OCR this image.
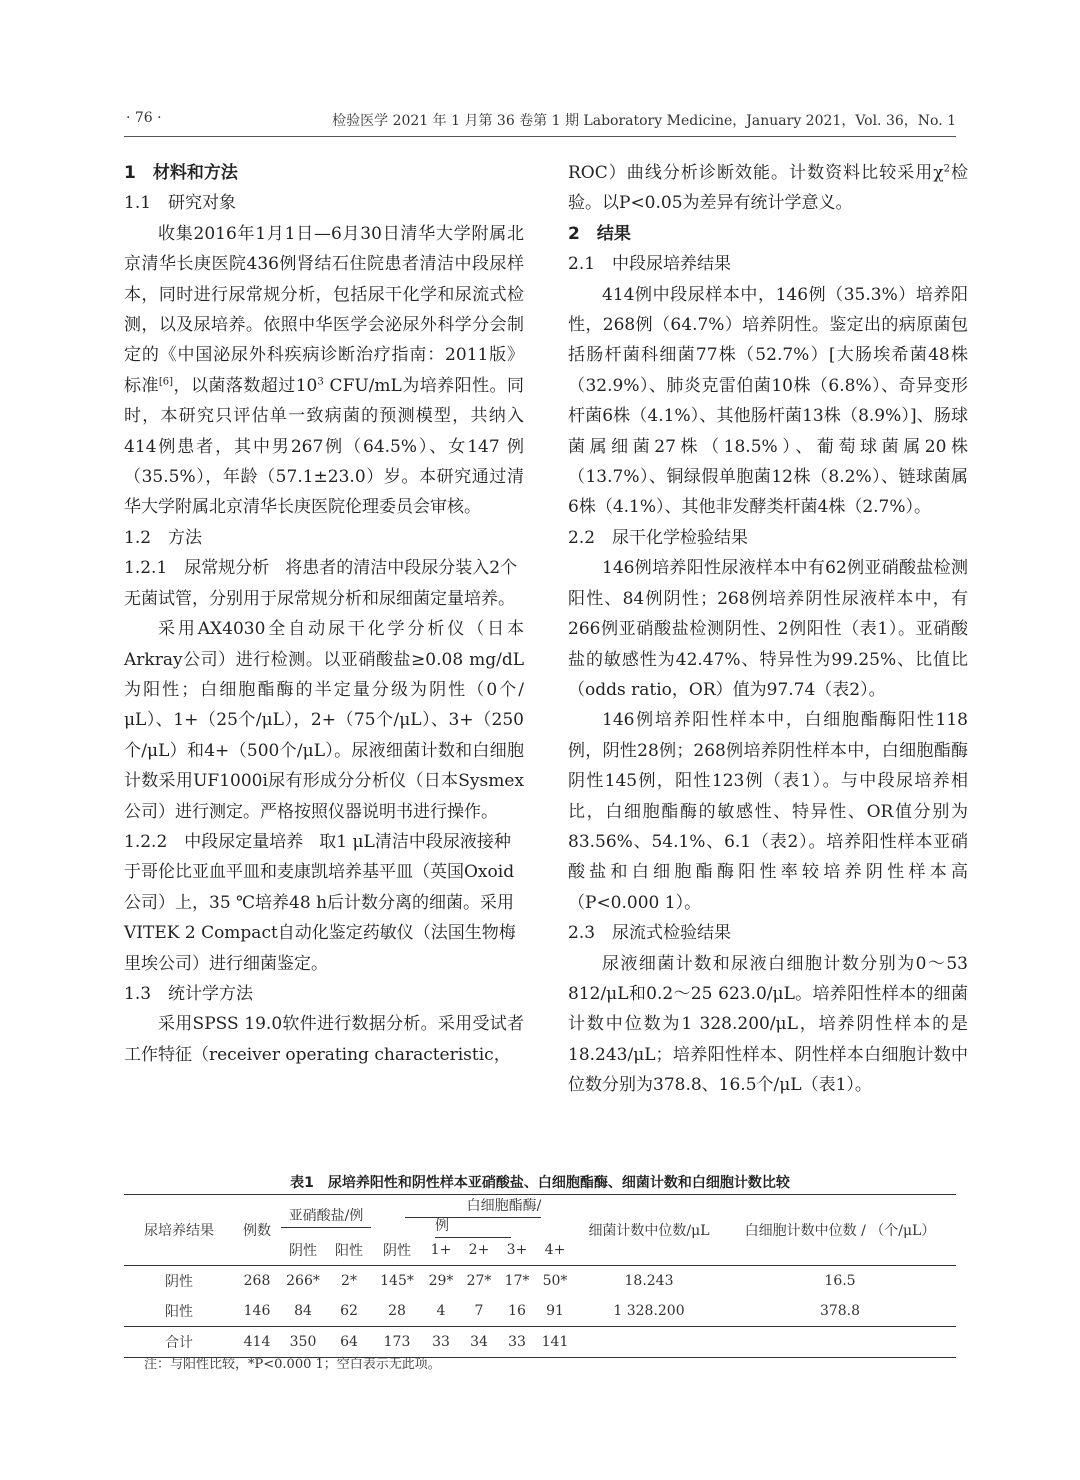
· 76 ·	检验医学 2021 年 1 月第 36 卷第 1 期 Laboratory Medicine，January 2021，Vol. 36，No. 1

1　材料和方法

1.1　研究对象

收集2016年1月1日—6月30日清华大学附属北京清华长庚医院436例肾结石住院患者清洁中段尿样本，同时进行尿常规分析，包括尿干化学和尿流式检测，以及尿培养。依照中华医学会泌尿外科学分会制定的《中国泌尿外科疾病诊断治疗指南：2011版》标准[6]，以菌落数超过$10^3$ CFU/mL为培养阳性。同时，本研究只评估单一致病菌的预测模型，共纳入414例患者，其中男267例（64.5%）、女147 例（35.5%），年龄（57.1±23.0）岁。本研究通过清华大学附属北京清华长庚医院伦理委员会审核。

1.2　方法

1.2.1　尿常规分析 将患者的清洁中段尿分装入2个无菌试管，分别用于尿常规分析和尿细菌定量培养。

采用AX4030全自动尿干化学分析仪（日本Arkray公司）进行检测。以亚硝酸盐≥0.08 mg/dL为阳性；白细胞酯酶的半定量分级为阴性（0个/μL）、1+（25个/μL），2+（75个/μL）、3+（250个/μL）和4+（500个/μL）。尿液细菌计数和白细胞计数采用UF1000i尿有形成分分析仪（日本Sysmex公司）进行测定。严格按照仪器说明书进行操作。

1.2.2　中段尿定量培养 取1 μL清洁中段尿液接种于哥伦比亚血平皿和麦康凯培养基平皿（英国Oxoid公司）上，35 ℃培养48 h后计数分离的细菌。采用VITEK 2 Compact自动化鉴定药敏仪（法国生物梅里埃公司）进行细菌鉴定。

1.3　统计学方法

采用SPSS 19.0软件进行数据分析。采用受试者工作特征（receiver operating characteristic，

ROC）曲线分析诊断效能。计数资料比较采用$\chi^2$检验。以P<0.05为差异有统计学意义。

2　结果

2.1　中段尿培养结果

414例中段尿样本中，146例（35.3%）培养阳性，268例（64.7%）培养阴性。鉴定出的病原菌包括肠杆菌科细菌77株（52.7%）[大肠埃希菌48株（32.9%）、肺炎克雷伯菌10株（6.8%）、奇异变形杆菌6株（4.1%）、其他肠杆菌13株（8.9%）]、肠球菌属细菌27株（18.5%）、葡萄球菌属20株（13.7%）、铜绿假单胞菌12株（8.2%）、链球菌属6株（4.1%）、其他非发酵类杆菌4株（2.7%）。

2.2　尿干化学检验结果

146例培养阳性尿液样本中有62例亚硝酸盐检测阳性、84例阴性；268例培养阴性尿液样本中，有266例亚硝酸盐检测阴性、2例阳性（表1）。亚硝酸盐的敏感性为42.47%、特异性为99.25%、比值比（odds ratio，OR）值为97.74（表2）。

146例培养阳性样本中，白细胞酯酶阳性118例，阴性28例；268例培养阴性样本中，白细胞酯酶阴性145例，阳性123例（表1）。与中段尿培养相比，白细胞酯酶的敏感性、特异性、OR值分别为83.56%、54.1%、6.1（表2）。培养阳性样本亚硝酸盐和白细胞酯酶阳性率较培养阴性样本高（P<0.000 1）。

2.3　尿流式检验结果

尿液细菌计数和尿液白细胞计数分别为0～53 812/μL和0.2～25 623.0/μL。培养阳性样本的细菌计数中位数为1 328.200/μL，培养阴性样本的是18.243/μL；培养阳性样本、阴性样本白细胞计数中位数分别为378.8、16.5个/μL（表1）。

表1　尿培养阳性和阴性样本亚硝酸盐、白细胞酯酶、细菌计数和白细胞计数比较
尿培养结果	例数	亚硝酸盐/例		白细胞酯酶/例					细菌计数中位数/μL	白细胞计数中位数 / （个/μL）
		阴性	阳性	阴性	1+	2+	3+	4+		
阴性	268	266*	2*	145*	29*	27*	17*	50*	18.243	16.5
阳性	146	84	62	28	4	7	16	91	1 328.200	378.8
合计	414	350	64	173	33	34	33	141		
注：与阳性比较，*P<0.000 1；空白表示无此项。
